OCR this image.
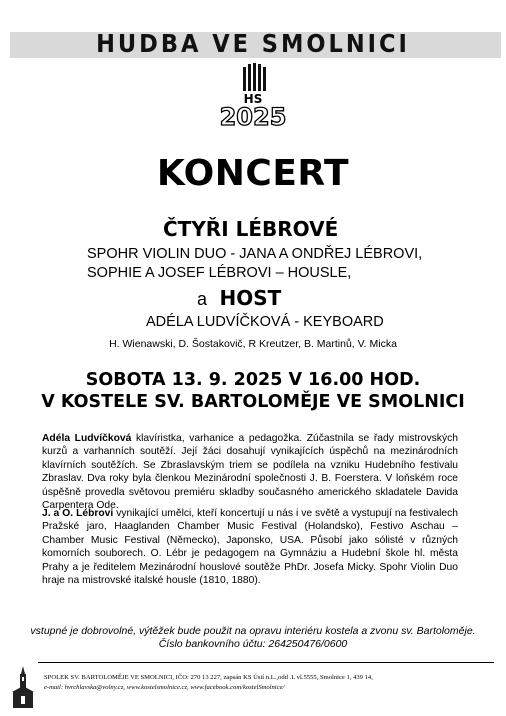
HUDBA VE SMOLNICI
HS
2025
KONCERT
ČTYŘI LÉBROVÉ
SPOHR VIOLIN DUO - JANA A ONDŘEJ LÉBROVI,
SOPHIE A JOSEF LÉBROVI – HOUSLE,
a HOST
ADÉLA LUDVÍČKOVÁ - KEYBOARD
H. Wienawski, D. Šostakovič, R Kreutzer, B. Martinů, V. Micka
SOBOTA 13. 9. 2025 V 16.00 HOD.
V KOSTELE SV. BARTOLOMĚJE VE SMOLNICI
Adéla Ludvíčková klavíristka, varhanice a pedagožka. Zúčastnila se řady mistrovských kurzů a varhanních soutěží. Její žáci dosahují vynikajících úspěchů na mezinárodních klavírních soutěžích. Se Zbraslavským triem se podílela na vzniku Hudebního festivalu Zbraslav. Dva roky byla členkou Mezinárodní společnosti J. B. Foerstera. V loňském roce úspěšně provedla světovou premiéru skladby současného amerického skladatele Davida Carpentera Ode.
J. a O. Lébrovi vynikající umělci, kteří koncertují u nás i ve světě a vystupují na festivalech Pražské jaro, Haaglanden Chamber Music Festival (Holandsko), Festivo Aschau – Chamber Music Festival (Německo), Japonsko, USA. Působí jako sólisté v různých komorních souborech. O. Lébr je pedagogem na Gymnáziu a Hudební škole hl. města Prahy a je ředitelem Mezinárodní houslové soutěže PhDr. Josefa Micky. Spohr Violin Duo hraje na mistrovské italské housle (1810, 1880).
vstupné je dobrovolné, výtěžek bude použit na opravu interiéru kostela a zvonu sv. Bartoloměje.
Číslo bankovního účtu: 264250476/0600
SPOLEK SV. BARTOLOMĚJE VE SMOLNICI, IČO: 270 13 227, zapsán KS Ústí n.L.,odd .L vl.5555, Smolnice 1, 439 14,
e-mail: hvrchlavska@volny.cz, www.kostelsmolnice.cz, www.facebook.com/kostelSmolnice/
